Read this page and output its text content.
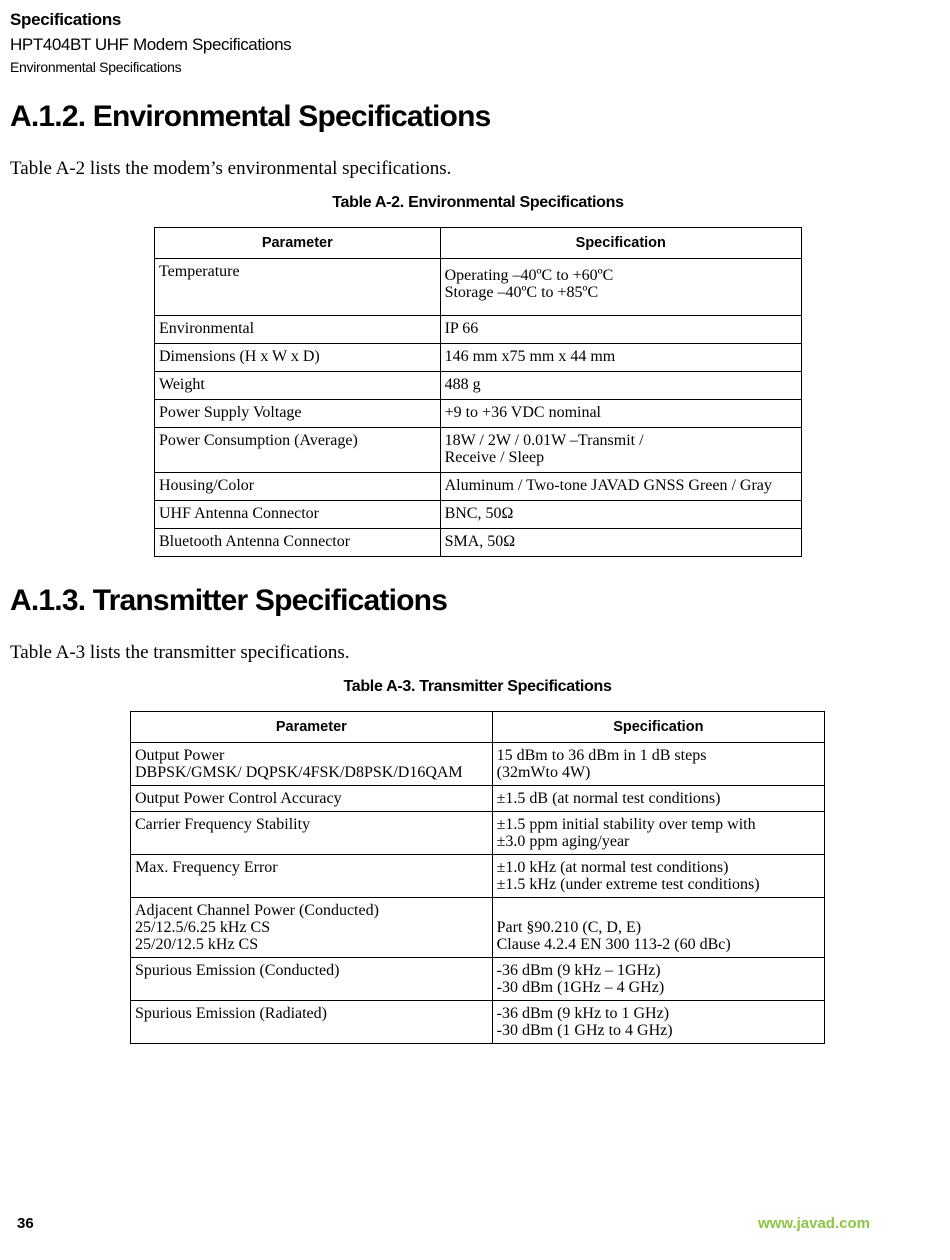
Specifications
HPT404BT UHF Modem Specifications
Environmental Specifications
A.1.2. Environmental Specifications
Table A-2 lists the modem’s environmental specifications.
Table A-2. Environmental Specifications
Parameter	Specification

Temperature	Operating –40ºC to +60ºC
Storage –40ºC to +85ºC

Environmental	IP 66

Dimensions (H x W x D)	146 mm x75 mm x 44 mm

Weight	488 g

Power Supply Voltage	+9 to +36 VDC nominal

Power Consumption (Average)	18W / 2W / 0.01W –Transmit /
Receive / Sleep

Housing/Color	Aluminum / Two-tone JAVAD GNSS Green / Gray

UHF Antenna Connector	BNC, 50Ω

Bluetooth Antenna Connector	SMA, 50Ω
A.1.3. Transmitter Specifications
Table A-3 lists the transmitter specifications.
Table A-3. Transmitter Specifications
Parameter	Specification

Output Power
DBPSK/GMSK/ DQPSK/4FSK/D8PSK/D16QAM	15 dBm to 36 dBm in 1 dB steps
(32mWto 4W)

Output Power Control Accuracy	±1.5 dB (at normal test conditions)

Carrier Frequency Stability	±1.5 ppm initial stability over temp with
±3.0 ppm aging/year

Max. Frequency Error	±1.0 kHz (at normal test conditions)
±1.5 kHz (under extreme test conditions)

Adjacent Channel Power (Conducted)
25/12.5/6.25 kHz CS
25/20/12.5 kHz CS	Part §90.210 (C, D, E)
Clause 4.2.4 EN 300 113-2 (60 dBc)

Spurious Emission (Conducted)	-36 dBm (9 kHz – 1GHz)
-30 dBm (1GHz – 4 GHz)

Spurious Emission (Radiated)	-36 dBm (9 kHz to 1 GHz)
-30 dBm (1 GHz to 4 GHz)
36	www.javad.com
